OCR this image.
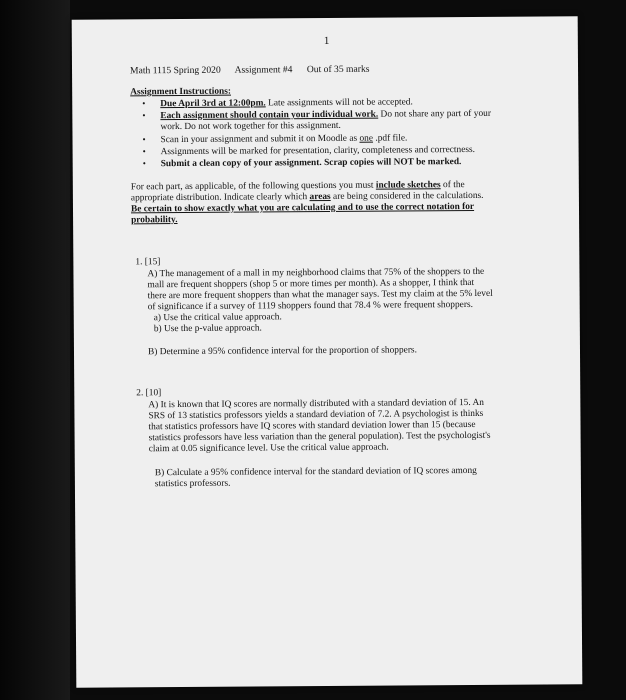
1
Math 1115 Spring 2020 Assignment #4 Out of 35 marks
Assignment Instructions:
• Due April 3rd at 12:00pm. Late assignments will not be accepted.
• Each assignment should contain your individual work. Do not share any part of your
work. Do not work together for this assignment.
• Scan in your assignment and submit it on Moodle as one .pdf file.
• Assignments will be marked for presentation, clarity, completeness and correctness.
• Submit a clean copy of your assignment. Scrap copies will NOT be marked.
For each part, as applicable, of the following questions you must include sketches of the
appropriate distribution. Indicate clearly which areas are being considered in the calculations.
Be certain to show exactly what you are calculating and to use the correct notation for
probability.
1. [15]
A) The management of a mall in my neighborhood claims that 75% of the shoppers to the
mall are frequent shoppers (shop 5 or more times per month). As a shopper, I think that
there are more frequent shoppers than what the manager says. Test my claim at the 5% level
of significance if a survey of 1119 shoppers found that 78.4 % were frequent shoppers.
a) Use the critical value approach.
b) Use the p-value approach.
B) Determine a 95% confidence interval for the proportion of shoppers.
2. [10]
A) It is known that IQ scores are normally distributed with a standard deviation of 15. An
SRS of 13 statistics professors yields a standard deviation of 7.2. A psychologist is thinks
that statistics professors have IQ scores with standard deviation lower than 15 (because
statistics professors have less variation than the general population). Test the psychologist's
claim at 0.05 significance level. Use the critical value approach.
B) Calculate a 95% confidence interval for the standard deviation of IQ scores among
statistics professors.
